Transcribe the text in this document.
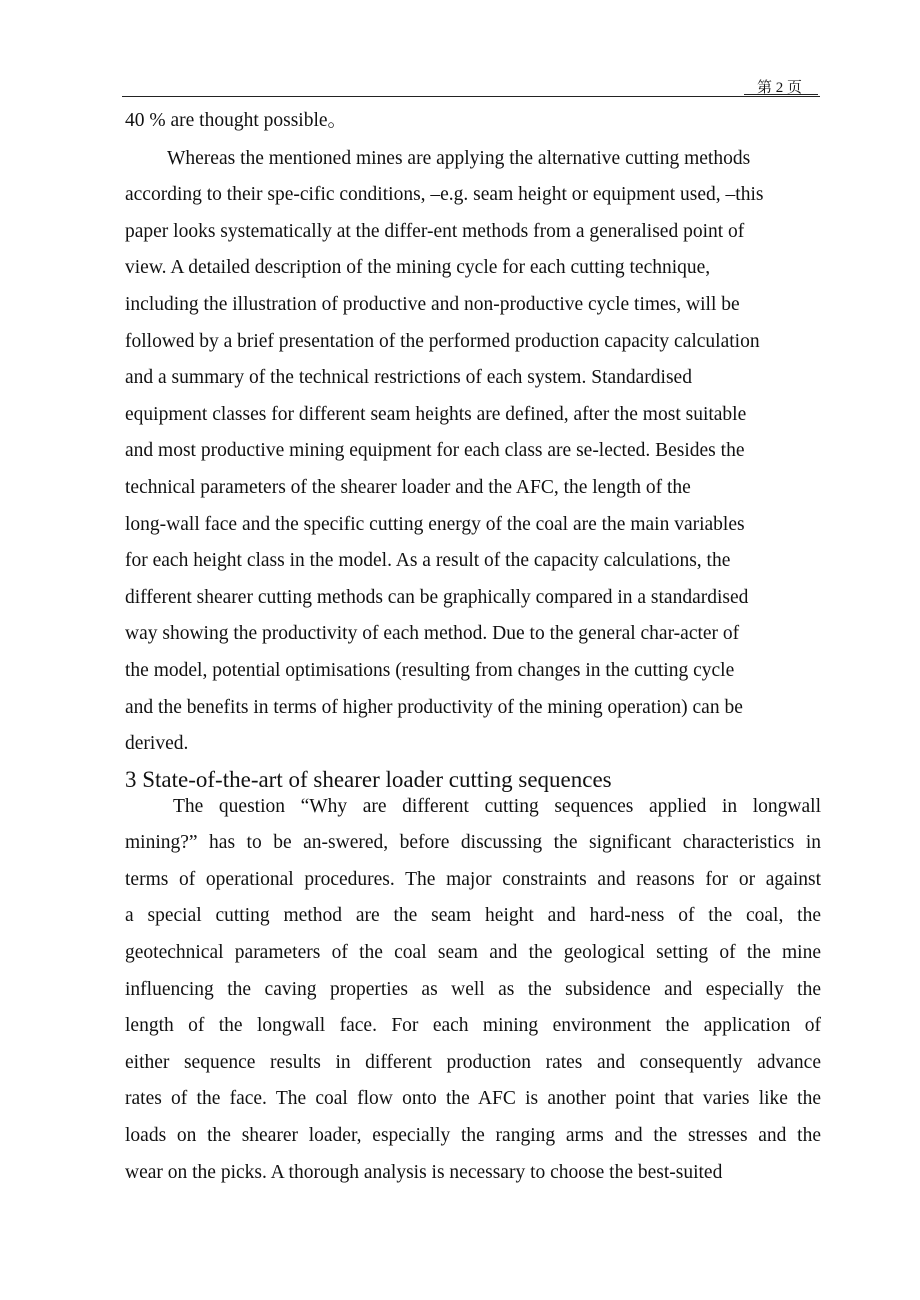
第 2 页

40 % are thought possible。

Whereas the mentioned mines are applying the alternative cutting methods
according to their spe-cific conditions, –e.g. seam height or equipment used, –this
paper looks systematically at the differ-ent methods from a generalised point of
view. A detailed description of the mining cycle for each cutting technique,
including the illustration of productive and non-productive cycle times, will be
followed by a brief presentation of the performed production capacity calculation
and a summary of the technical restrictions of each system. Standardised
equipment classes for different seam heights are defined, after the most suitable
and most productive mining equipment for each class are se-lected. Besides the
technical parameters of the shearer loader and the AFC, the length of the
long-wall face and the specific cutting energy of the coal are the main variables
for each height class in the model. As a result of the capacity calculations, the
different shearer cutting methods can be graphically compared in a standardised
way showing the productivity of each method. Due to the general char-acter of
the model, potential optimisations (resulting from changes in the cutting cycle
and the benefits in terms of higher productivity of the mining operation) can be
derived.

3 State-of-the-art of shearer loader cutting sequences

The question “Why are different cutting sequences applied in longwall
mining?” has to be an-swered, before discussing the significant characteristics in
terms of operational procedures. The major constraints and reasons for or against
a special cutting method are the seam height and hard-ness of the coal, the
geotechnical parameters of the coal seam and the geological setting of the mine
influencing the caving properties as well as the subsidence and especially the
length of the longwall face. For each mining environment the application of
either sequence results in different production rates and consequently advance
rates of the face. The coal flow onto the AFC is another point that varies like the
loads on the shearer loader, especially the ranging arms and the stresses and the
wear on the picks. A thorough analysis is necessary to choose the best-suited
